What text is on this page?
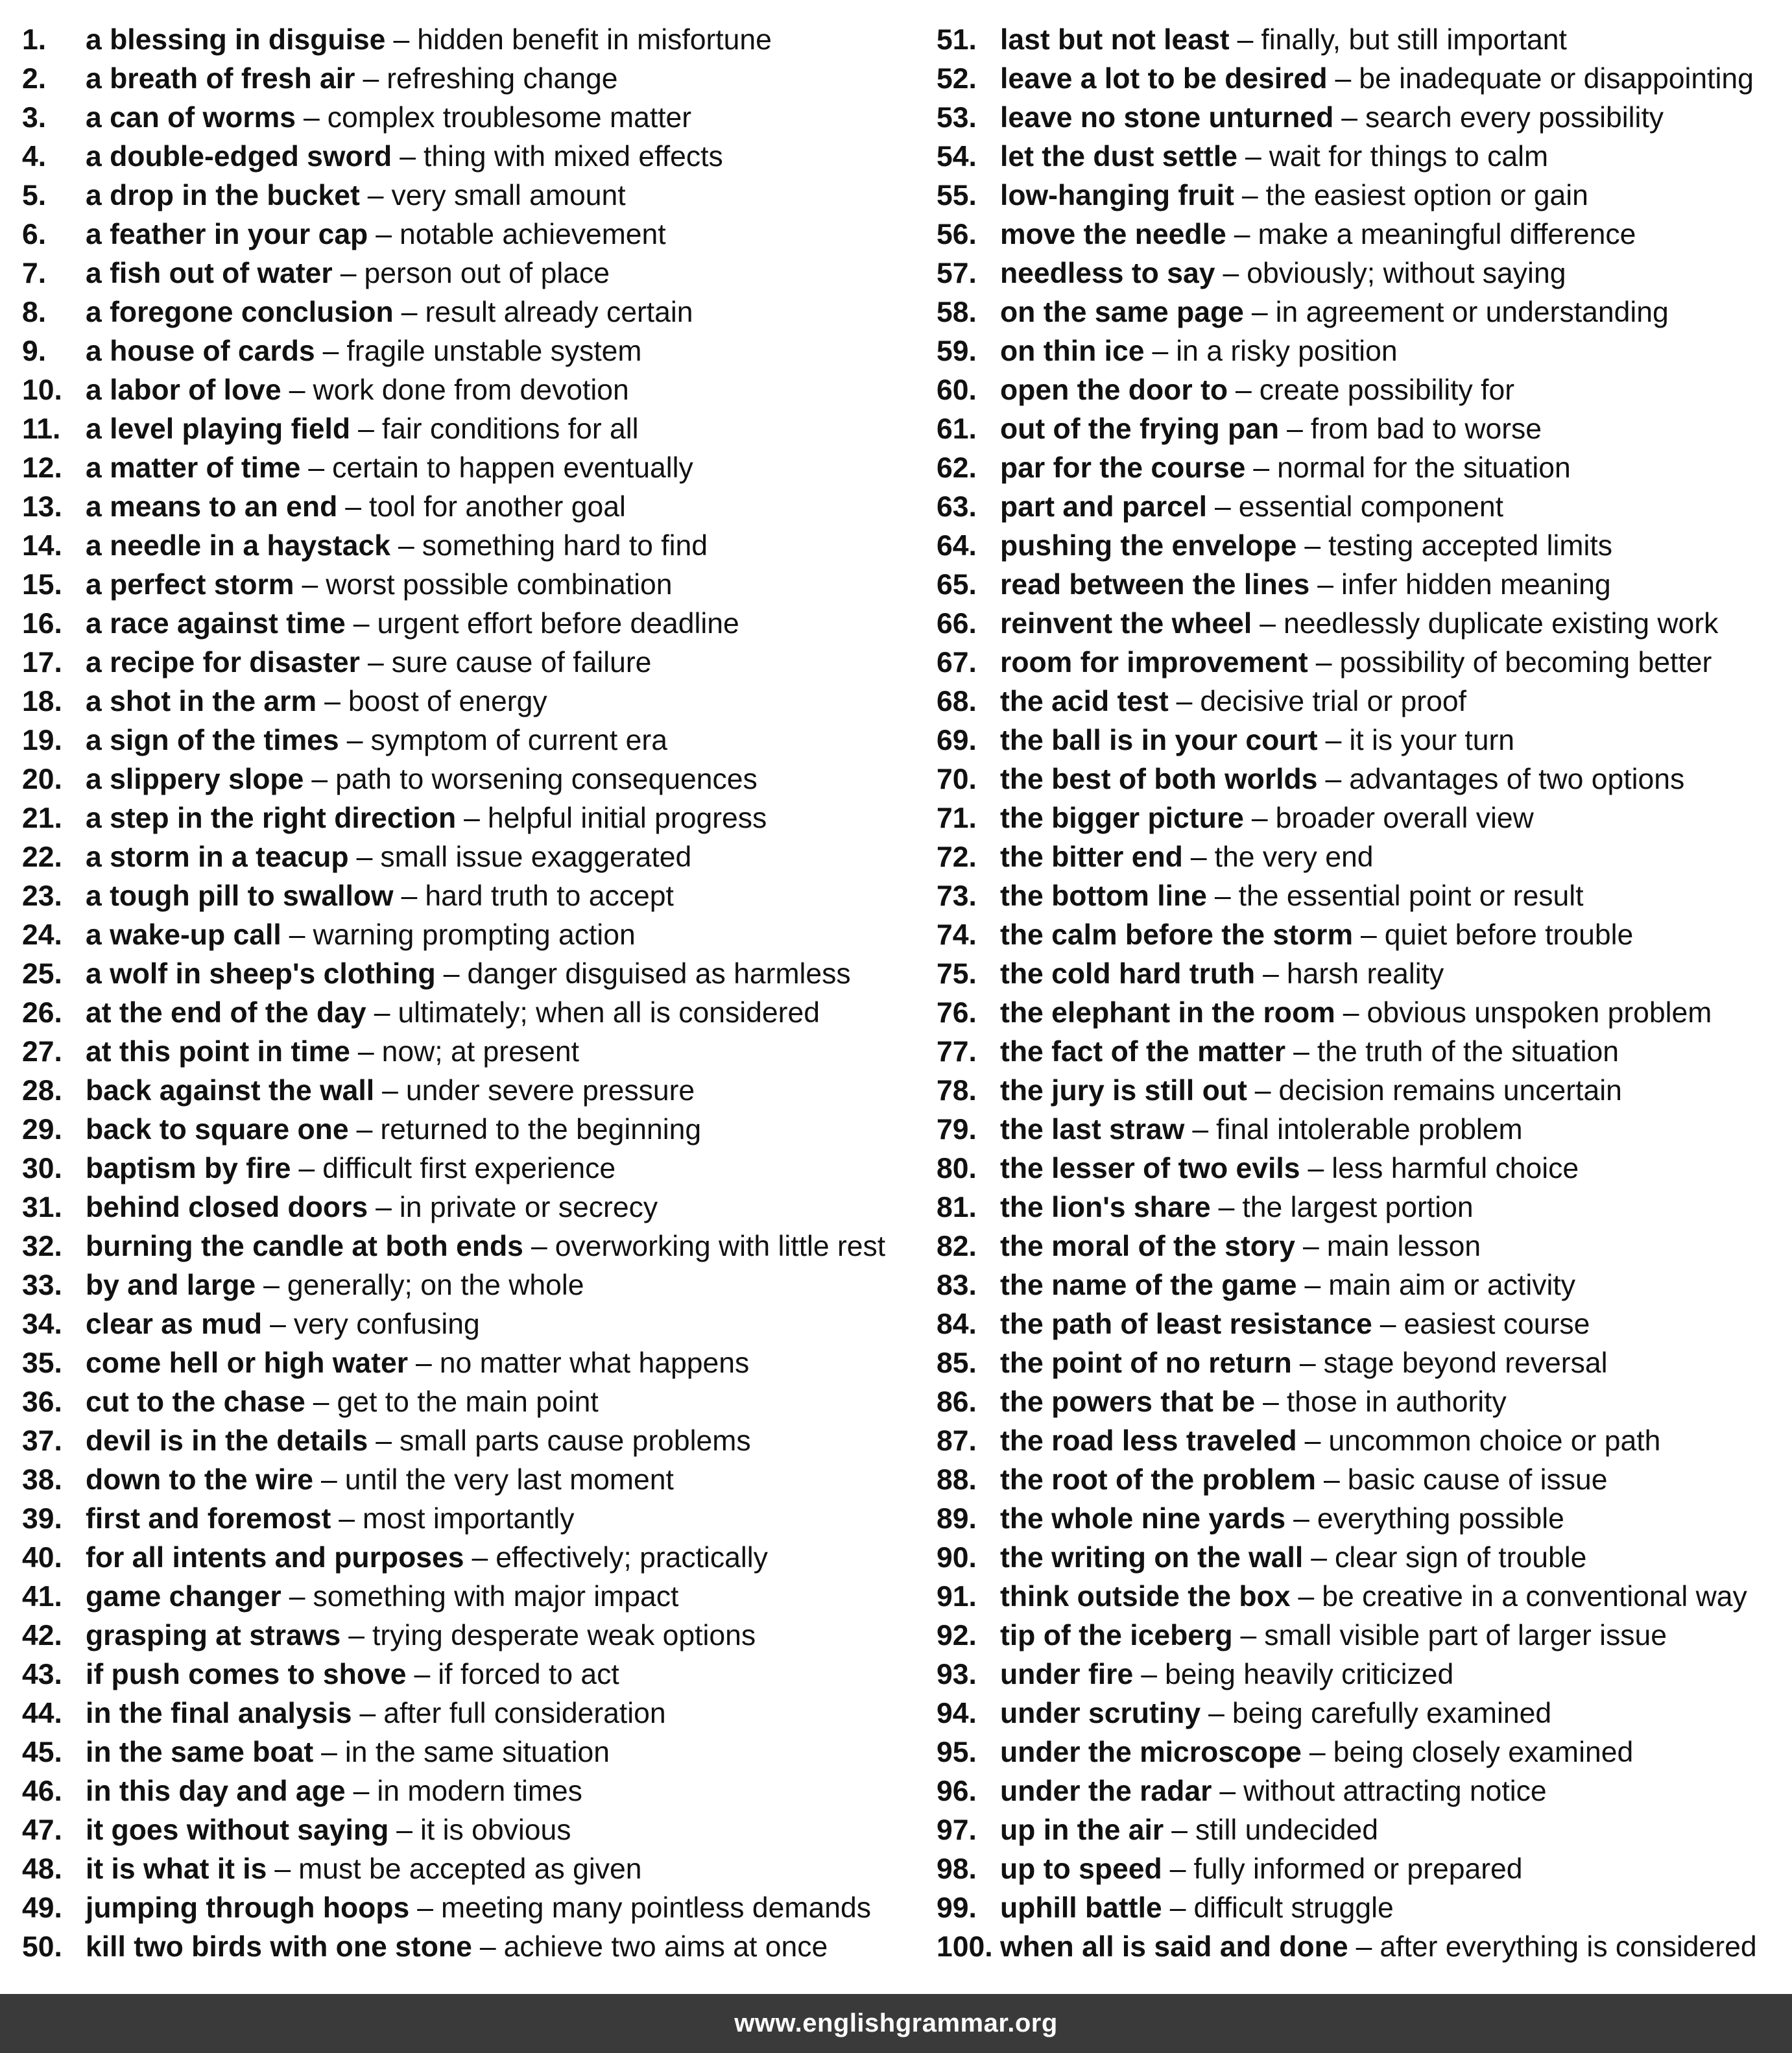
1.	a blessing in disguise – hidden benefit in misfortune
2.	a breath of fresh air – refreshing change
3.	a can of worms – complex troublesome matter
4.	a double-edged sword – thing with mixed effects
5.	a drop in the bucket – very small amount
6.	a feather in your cap – notable achievement
7.	a fish out of water – person out of place
8.	a foregone conclusion – result already certain
9.	a house of cards – fragile unstable system
10. a labor of love – work done from devotion
11. a level playing field – fair conditions for all
12. a matter of time – certain to happen eventually
13. a means to an end – tool for another goal
14. a needle in a haystack – something hard to find
15. a perfect storm – worst possible combination
16. a race against time – urgent effort before deadline
17. a recipe for disaster – sure cause of failure
18. a shot in the arm – boost of energy
19. a sign of the times – symptom of current era
20. a slippery slope – path to worsening consequences
21. a step in the right direction – helpful initial progress
22. a storm in a teacup – small issue exaggerated
23. a tough pill to swallow – hard truth to accept
24. a wake-up call – warning prompting action
25. a wolf in sheep's clothing – danger disguised as harmless
26. at the end of the day – ultimately; when all is considered
27. at this point in time – now; at present
28. back against the wall – under severe pressure
29. back to square one – returned to the beginning
30. baptism by fire – difficult first experience
31. behind closed doors – in private or secrecy
32. burning the candle at both ends – overworking with little rest
33. by and large – generally; on the whole
34. clear as mud – very confusing
35. come hell or high water – no matter what happens
36. cut to the chase – get to the main point
37. devil is in the details – small parts cause problems
38. down to the wire – until the very last moment
39. first and foremost – most importantly
40. for all intents and purposes – effectively; practically
41. game changer – something with major impact
42. grasping at straws – trying desperate weak options
43. if push comes to shove – if forced to act
44. in the final analysis – after full consideration
45. in the same boat – in the same situation
46. in this day and age – in modern times
47. it goes without saying – it is obvious
48. it is what it is – must be accepted as given
49. jumping through hoops – meeting many pointless demands
50. kill two birds with one stone – achieve two aims at once
51. last but not least – finally, but still important
52. leave a lot to be desired – be inadequate or disappointing
53. leave no stone unturned – search every possibility
54. let the dust settle – wait for things to calm
55. low-hanging fruit – the easiest option or gain
56. move the needle – make a meaningful difference
57. needless to say – obviously; without saying
58. on the same page – in agreement or understanding
59. on thin ice – in a risky position
60. open the door to – create possibility for
61. out of the frying pan – from bad to worse
62. par for the course – normal for the situation
63. part and parcel – essential component
64. pushing the envelope – testing accepted limits
65. read between the lines – infer hidden meaning
66. reinvent the wheel – needlessly duplicate existing work
67. room for improvement – possibility of becoming better
68. the acid test – decisive trial or proof
69. the ball is in your court – it is your turn
70. the best of both worlds – advantages of two options
71. the bigger picture – broader overall view
72. the bitter end – the very end
73. the bottom line – the essential point or result
74. the calm before the storm – quiet before trouble
75. the cold hard truth – harsh reality
76. the elephant in the room – obvious unspoken problem
77. the fact of the matter – the truth of the situation
78. the jury is still out – decision remains uncertain
79. the last straw – final intolerable problem
80. the lesser of two evils – less harmful choice
81. the lion's share – the largest portion
82. the moral of the story – main lesson
83. the name of the game – main aim or activity
84. the path of least resistance – easiest course
85. the point of no return – stage beyond reversal
86. the powers that be – those in authority
87. the road less traveled – uncommon choice or path
88. the root of the problem – basic cause of issue
89. the whole nine yards – everything possible
90. the writing on the wall – clear sign of trouble
91. think outside the box – be creative in a conventional way
92. tip of the iceberg – small visible part of larger issue
93. under fire – being heavily criticized
94. under scrutiny – being carefully examined
95. under the microscope – being closely examined
96. under the radar – without attracting notice
97. up in the air – still undecided
98. up to speed – fully informed or prepared
99. uphill battle – difficult struggle
100. when all is said and done – after everything is considered
www.englishgrammar.org
